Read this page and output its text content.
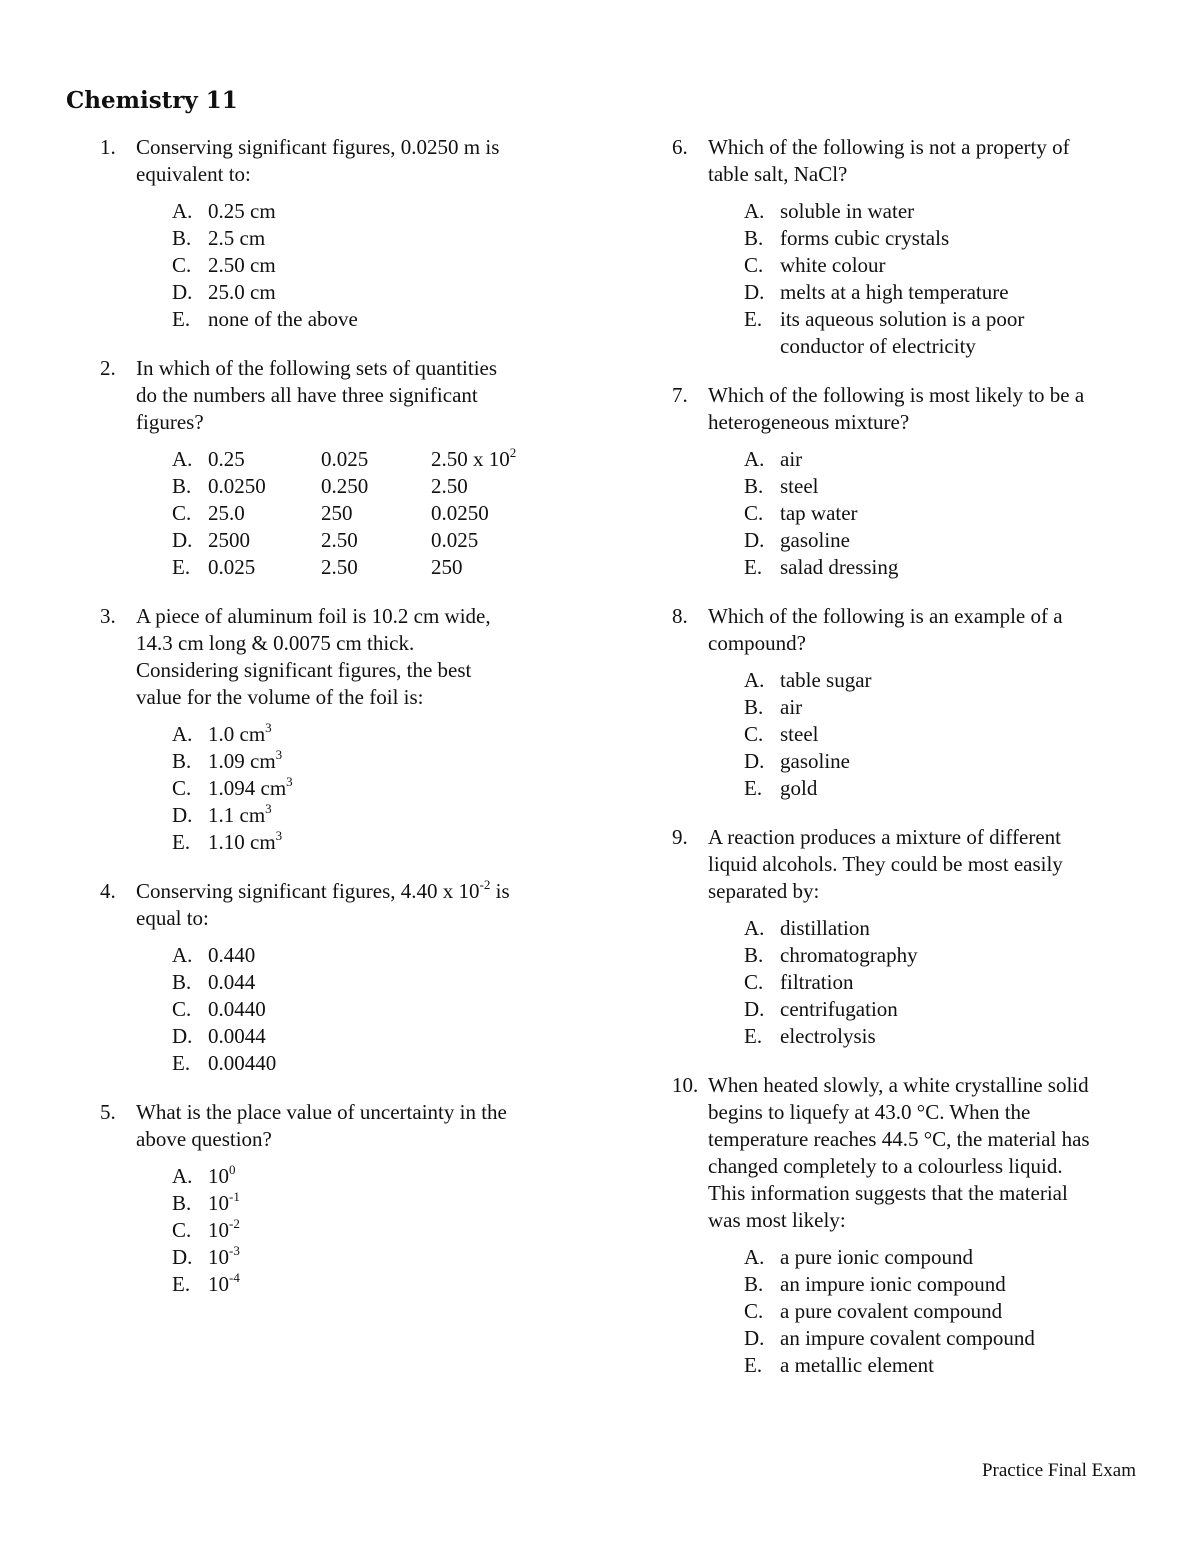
Chemistry 11
1. Conserving significant figures, 0.0250 m is
equivalent to:
A. 0.25 cm
B. 2.5 cm
C. 2.50 cm
D. 25.0 cm
E. none of the above
2. In which of the following sets of quantities
do the numbers all have three significant
figures?
A. 0.25	0.025	2.50 x $10^2$
B. 0.0250	0.250	2.50
C. 25.0	250	0.0250
D. 2500	2.50	0.025
E. 0.025	2.50	250
3. A piece of aluminum foil is 10.2 cm wide,
14.3 cm long & 0.0075 cm thick.
Considering significant figures, the best
value for the volume of the foil is:
A. 1.0 $cm^3$
B. 1.09 $cm^3$
C. 1.094 $cm^3$
D. 1.1 $cm^3$
E. 1.10 $cm^3$
4. Conserving significant figures, 4.40 x $10^{-2}$ is
equal to:
A. 0.440
B. 0.044
C. 0.0440
D. 0.0044
E. 0.00440
5. What is the place value of uncertainty in the
above question?
A. $10^0$
B. $10^{-1}$
C. $10^{-2}$
D. $10^{-3}$
E. $10^{-4}$
6. Which of the following is not a property of
table salt, NaCl?
A. soluble in water
B. forms cubic crystals
C. white colour
D. melts at a high temperature
E. its aqueous solution is a poor
conductor of electricity
7. Which of the following is most likely to be a
heterogeneous mixture?
A. air
B. steel
C. tap water
D. gasoline
E. salad dressing
8. Which of the following is an example of a
compound?
A. table sugar
B. air
C. steel
D. gasoline
E. gold
9. A reaction produces a mixture of different
liquid alcohols. They could be most easily
separated by:
A. distillation
B. chromatography
C. filtration
D. centrifugation
E. electrolysis
10. When heated slowly, a white crystalline solid
begins to liquefy at 43.0 °C. When the
temperature reaches 44.5 °C, the material has
changed completely to a colourless liquid.
This information suggests that the material
was most likely:
A. a pure ionic compound
B. an impure ionic compound
C. a pure covalent compound
D. an impure covalent compound
E. a metallic element
Practice Final Exam
